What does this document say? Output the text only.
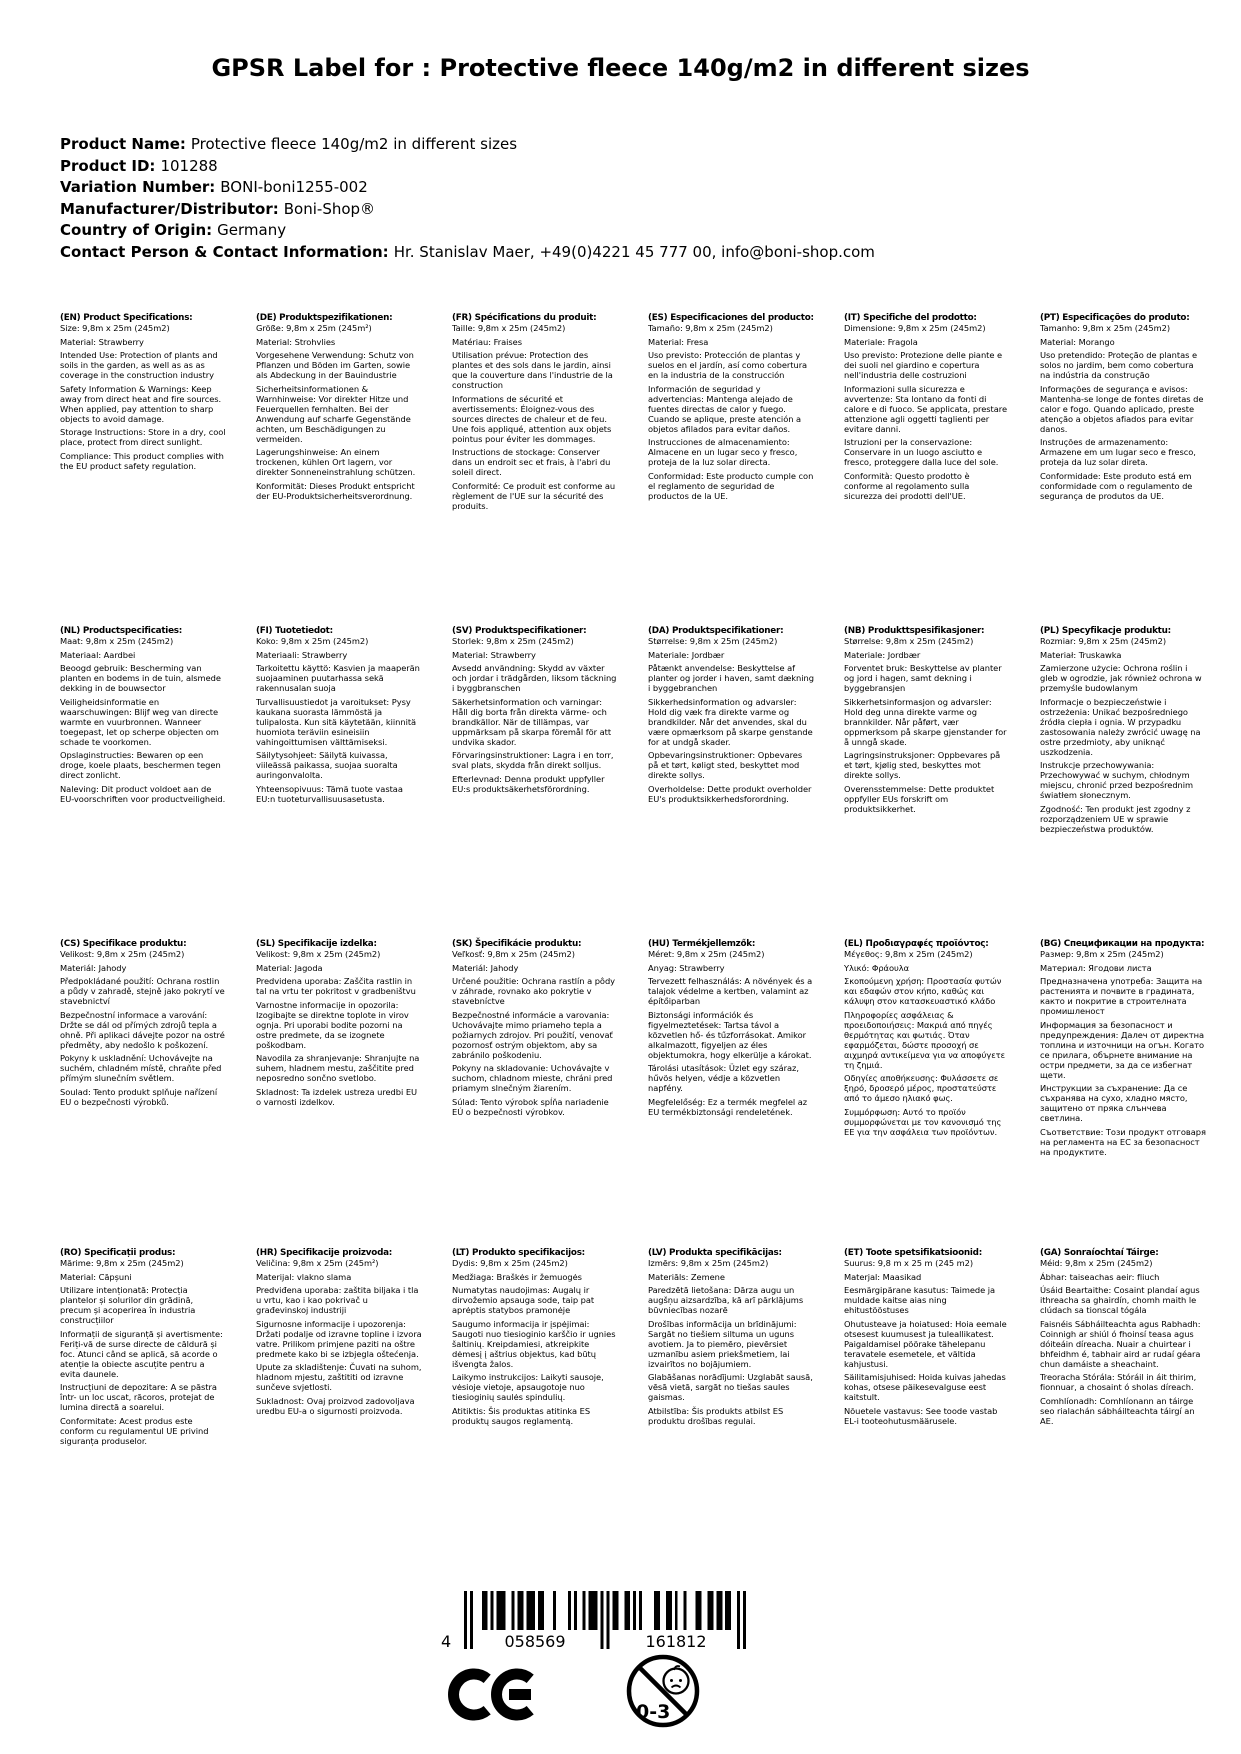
GPSR Label for : Protective fleece 140g/m2 in different sizes
Product Name: Protective fleece 140g/m2 in different sizes
Product ID: 101288
Variation Number: BONI-boni1255-002
Manufacturer/Distributor: Boni-Shop®
Country of Origin: Germany
Contact Person & Contact Information: Hr. Stanislav Maer, +49(0)4221 45 777 00, info@boni-shop.com
(EN) Product Specifications:

Size: 9,8m x 25m (245m2)

Material: Strawberry

Intended Use: Protection of plants and soils in the garden, as well as as as coverage in the construction industry

Safety Information & Warnings: Keep away from direct heat and fire sources. When applied, pay attention to sharp objects to avoid damage.

Storage Instructions: Store in a dry, cool place, protect from direct sunlight.

Compliance: This product complies with the EU product safety regulation.

(DE) Produktspezifikationen:

Größe: 9,8m x 25m (245m²)

Material: Strohvlies

Vorgesehene Verwendung: Schutz von Pflanzen und Böden im Garten, sowie als Abdeckung in der Bauindustrie

Sicherheitsinformationen & Warnhinweise: Vor direkter Hitze und Feuerquellen fernhalten. Bei der Anwendung auf scharfe Gegenstände achten, um Beschädigungen zu vermeiden.

Lagerungshinweise: An einem trockenen, kühlen Ort lagern, vor direkter Sonneneinstrahlung schützen.

Konformität: Dieses Produkt entspricht der EU-Produktsicherheitsverordnung.

(FR) Spécifications du produit:

Taille: 9,8m x 25m (245m2)

Matériau: Fraises

Utilisation prévue: Protection des plantes et des sols dans le jardin, ainsi que la couverture dans l'industrie de la construction

Informations de sécurité et avertissements: Éloignez-vous des sources directes de chaleur et de feu. Une fois appliqué, attention aux objets pointus pour éviter les dommages.

Instructions de stockage: Conserver dans un endroit sec et frais, à l'abri du soleil direct.

Conformité: Ce produit est conforme au règlement de l'UE sur la sécurité des produits.

(ES) Especificaciones del producto:

Tamaño: 9,8m x 25m (245m2)

Material: Fresa

Uso previsto: Protección de plantas y suelos en el jardín, así como cobertura en la industria de la construcción

Información de seguridad y advertencias: Mantenga alejado de fuentes directas de calor y fuego. Cuando se aplique, preste atención a objetos afilados para evitar daños.

Instrucciones de almacenamiento: Almacene en un lugar seco y fresco, proteja de la luz solar directa.

Conformidad: Este producto cumple con el reglamento de seguridad de productos de la UE.

(IT) Specifiche del prodotto:

Dimensione: 9,8m x 25m (245m2)

Materiale: Fragola

Uso previsto: Protezione delle piante e dei suoli nel giardino e copertura nell'industria delle costruzioni

Informazioni sulla sicurezza e avvertenze: Sta lontano da fonti di calore e di fuoco. Se applicata, prestare attenzione agli oggetti taglienti per evitare danni.

Istruzioni per la conservazione: Conservare in un luogo asciutto e fresco, proteggere dalla luce del sole.

Conformità: Questo prodotto è conforme al regolamento sulla sicurezza dei prodotti dell'UE.

(PT) Especificações do produto:

Tamanho: 9,8m x 25m (245m2)

Material: Morango

Uso pretendido: Proteção de plantas e solos no jardim, bem como cobertura na indústria da construção

Informações de segurança e avisos: Mantenha-se longe de fontes diretas de calor e fogo. Quando aplicado, preste atenção a objetos afiados para evitar danos.

Instruções de armazenamento: Armazene em um lugar seco e fresco, proteja da luz solar direta.

Conformidade: Este produto está em conformidade com o regulamento de segurança de produtos da UE.

(NL) Productspecificaties:

Maat: 9,8m x 25m (245m2)

Materiaal: Aardbei

Beoogd gebruik: Bescherming van planten en bodems in de tuin, alsmede dekking in de bouwsector

Veiligheidsinformatie en waarschuwingen: Blijf weg van directe warmte en vuurbronnen. Wanneer toegepast, let op scherpe objecten om schade te voorkomen.

Opslaginstructies: Bewaren op een droge, koele plaats, beschermen tegen direct zonlicht.

Naleving: Dit product voldoet aan de EU-voorschriften voor productveiligheid.

(FI) Tuotetiedot:

Koko: 9,8m x 25m (245m2)

Materiaali: Strawberry

Tarkoitettu käyttö: Kasvien ja maaperän suojaaminen puutarhassa sekä rakennusalan suoja

Turvallisuustiedot ja varoitukset: Pysy kaukana suorasta lämmöstä ja tulipalosta. Kun sitä käytetään, kiinnitä huomiota teräviin esineisiin vahingoittumisen välttämiseksi.

Säilytysohjeet: Säilytä kuivassa, viileässä paikassa, suojaa suoralta auringonvalolta.

Yhteensopivuus: Tämä tuote vastaa EU:n tuoteturvallisuusasetusta.

(SV) Produktspecifikationer:

Storlek: 9,8m x 25m (245m2)

Material: Strawberry

Avsedd användning: Skydd av växter och jordar i trädgården, liksom täckning i byggbranschen

Säkerhetsinformation och varningar: Håll dig borta från direkta värme- och brandkällor. När de tillämpas, var uppmärksam på skarpa föremål för att undvika skador.

Förvaringsinstruktioner: Lagra i en torr, sval plats, skydda från direkt solljus.

Efterlevnad: Denna produkt uppfyller EU:s produktsäkerhetsförordning.

(DA) Produktspecifikationer:

Størrelse: 9,8m x 25m (245m2)

Materiale: Jordbær

Påtænkt anvendelse: Beskyttelse af planter og jorder i haven, samt dækning i byggebranchen

Sikkerhedsinformation og advarsler: Hold dig væk fra direkte varme og brandkilder. Når det anvendes, skal du være opmærksom på skarpe genstande for at undgå skader.

Opbevaringsinstruktioner: Opbevares på et tørt, køligt sted, beskyttet mod direkte sollys.

Overholdelse: Dette produkt overholder EU's produktsikkerhedsforordning.

(NB) Produkttspesifikasjoner:

Størrelse: 9,8m x 25m (245m2)

Materiale: Jordbær

Forventet bruk: Beskyttelse av planter og jord i hagen, samt dekning i byggebransjen

Sikkerhetsinformasjon og advarsler: Hold deg unna direkte varme og brannkilder. Når påført, vær oppmerksom på skarpe gjenstander for å unngå skade.

Lagringsinstruksjoner: Oppbevares på et tørt, kjølig sted, beskyttes mot direkte sollys.

Overensstemmelse: Dette produktet oppfyller EUs forskrift om produktsikkerhet.

(PL) Specyfikacje produktu:

Rozmiar: 9,8m x 25m (245m2)

Materiał: Truskawka

Zamierzone użycie: Ochrona roślin i gleb w ogrodzie, jak również ochrona w przemyśle budowlanym

Informacje o bezpieczeństwie i ostrzeżenia: Unikać bezpośredniego źródła ciepła i ognia. W przypadku zastosowania należy zwrócić uwagę na ostre przedmioty, aby uniknąć uszkodzenia.

Instrukcje przechowywania: Przechowywać w suchym, chłodnym miejscu, chronić przed bezpośrednim światłem słonecznym.

Zgodność: Ten produkt jest zgodny z rozporządzeniem UE w sprawie bezpieczeństwa produktów.

(CS) Specifikace produktu:

Velikost: 9,8m x 25m (245m2)

Materiál: Jahody

Předpokládané použití: Ochrana rostlin a půdy v zahradě, stejně jako pokrytí ve stavebnictví

Bezpečnostní informace a varování: Držte se dál od přímých zdrojů tepla a ohně. Při aplikaci dávejte pozor na ostré předměty, aby nedošlo k poškození.

Pokyny k uskladnění: Uchovávejte na suchém, chladném místě, chraňte před přímým slunečním světlem.

Soulad: Tento produkt splňuje nařízení EU o bezpečnosti výrobků.

(SL) Specifikacije izdelka:

Velikost: 9,8m x 25m (245m2)

Material: Jagoda

Predvidena uporaba: Zaščita rastlin in tal na vrtu ter pokritost v gradbeništvu

Varnostne informacije in opozorila: Izogibajte se direktne toplote in virov ognja. Pri uporabi bodite pozorni na ostre predmete, da se izognete poškodbam.

Navodila za shranjevanje: Shranjujte na suhem, hladnem mestu, zaščitite pred neposredno sončno svetlobo.

Skladnost: Ta izdelek ustreza uredbi EU o varnosti izdelkov.

(SK) Špecifikácie produktu:

Veľkosť: 9,8m x 25m (245m2)

Materiál: Jahody

Určené použitie: Ochrana rastlín a pôdy v záhrade, rovnako ako pokrytie v stavebníctve

Bezpečnostné informácie a varovania: Uchovávajte mimo priameho tepla a požiarnych zdrojov. Pri použití, venovať pozornosť ostrým objektom, aby sa zabránilo poškodeniu.

Pokyny na skladovanie: Uchovávajte v suchom, chladnom mieste, chráni pred priamym slnečným žiarením.

Súlad: Tento výrobok spĺňa nariadenie EÚ o bezpečnosti výrobkov.

(HU) Termékjellemzők:

Méret: 9,8m x 25m (245m2)

Anyag: Strawberry

Tervezett felhasználás: A növények és a talajok védelme a kertben, valamint az építőiparban

Biztonsági információk és figyelmeztetések: Tartsa távol a közvetlen hő- és tűzforrásokat. Amikor alkalmazott, figyeljen az éles objektumokra, hogy elkerülje a károkat.

Tárolási utasítások: Üzlet egy száraz, hűvös helyen, védje a közvetlen napfény.

Megfelelőség: Ez a termék megfelel az EU termékbiztonsági rendeletének.

(EL) Προδιαγραφές προϊόντος:

Μέγεθος: 9,8m x 25m (245m2)

Υλικό: Φράουλα

Σκοπούμενη χρήση: Προστασία φυτών και εδαφών στον κήπο, καθώς και κάλυψη στον κατασκευαστικό κλάδο

Πληροφορίες ασφάλειας & προειδοποιήσεις: Μακριά από πηγές θερμότητας και φωτιάς. Όταν εφαρμόζεται, δώστε προσοχή σε αιχμηρά αντικείμενα για να αποφύγετε τη ζημιά.

Οδηγίες αποθήκευσης: Φυλάσσετε σε ξηρό, δροσερό μέρος, προστατεύστε από το άμεσο ηλιακό φως.

Συμμόρφωση: Αυτό το προϊόν συμμορφώνεται με τον κανονισμό της ΕΕ για την ασφάλεια των προϊόντων.

(BG) Спецификации на продукта:

Размер: 9,8m x 25m (245m2)

Материал: Ягодови листа

Предназначена употреба: Защита на растенията и почвите в градината, както и покритие в строителната промишленост

Информация за безопасност и предупреждения: Далеч от директна топлина и източници на огън. Когато се прилага, обърнете внимание на остри предмети, за да се избегнат щети.

Инструкции за съхранение: Да се съхранява на сухо, хладно място, защитено от пряка слънчева светлина.

Съответствие: Този продукт отговаря на регламента на ЕС за безопасност на продуктите.

(RO) Specificații produs:

Mărime: 9,8m x 25m (245m2)

Material: Căpșuni

Utilizare intenționată: Protecția plantelor și solurilor din grădină, precum și acoperirea în industria construcțiilor

Informații de siguranță și avertismente: Feriți-vă de surse directe de căldură și foc. Atunci când se aplică, să acorde o atenție la obiecte ascuțite pentru a evita daunele.

Instrucțiuni de depozitare: A se păstra într- un loc uscat, răcoros, protejat de lumina directă a soarelui.

Conformitate: Acest produs este conform cu regulamentul UE privind siguranța produselor.

(HR) Specifikacije proizvoda:

Veličina: 9,8m x 25m (245m²)

Materijal: vlakno slama

Predviđena uporaba: zaštita biljaka i tla u vrtu, kao i kao pokrivač u građevinskoj industriji

Sigurnosne informacije i upozorenja: Držati podalje od izravne topline i izvora vatre. Prilikom primjene paziti na oštre predmete kako bi se izbjegla oštećenja.

Upute za skladištenje: Čuvati na suhom, hladnom mjestu, zaštititi od izravne sunčeve svjetlosti.

Sukladnost: Ovaj proizvod zadovoljava uredbu EU-a o sigurnosti proizvoda.

(LT) Produkto specifikacijos:

Dydis: 9,8m x 25m (245m2)

Medžiaga: Braškės ir žemuogės

Numatytas naudojimas: Augalų ir dirvožemio apsauga sode, taip pat aprėptis statybos pramonėje

Saugumo informacija ir įspėjimai: Saugoti nuo tiesioginio karščio ir ugnies šaltinių. Kreipdamiesi, atkreipkite dėmesį į aštrius objektus, kad būtų išvengta žalos.

Laikymo instrukcijos: Laikyti sausoje, vėsioje vietoje, apsaugotoje nuo tiesioginių saulės spindulių.

Atitiktis: Šis produktas atitinka ES produktų saugos reglamentą.

(LV) Produkta specifikācijas:

Izmērs: 9,8m x 25m (245m2)

Materiāls: Zemene

Paredzētā lietošana: Dārza augu un augšņu aizsardzība, kā arī pārklājums būvniecības nozarē

Drošības informācija un brīdinājumi: Sargāt no tiešiem siltuma un uguns avotiem. Ja to piemēro, pievērsiet uzmanību asiem priekšmetiem, lai izvairītos no bojājumiem.

Glabāšanas norādījumi: Uzglabāt sausā, vēsā vietā, sargāt no tiešas saules gaismas.

Atbilstība: Šis produkts atbilst ES produktu drošības regulai.

(ET) Toote spetsifikatsioonid:

Suurus: 9,8 m x 25 m (245 m2)

Materjal: Maasikad

Eesmärgipärane kasutus: Taimede ja muldade kaitse aias ning ehitustööstuses

Ohutusteave ja hoiatused: Hoia eemale otsesest kuumusest ja tuleallikatest. Paigaldamisel pöörake tähelepanu teravatele esemetele, et vältida kahjustusi.

Säilitamisjuhised: Hoida kuivas jahedas kohas, otsese päikesevalguse eest kaitstult.

Nõuetele vastavus: See toode vastab EL-i tooteohutusmäärusele.

(GA) Sonraíochtaí Táirge:

Méid: 9,8m x 25m (245m2)

Ábhar: taiseachas aeir: fliuch

Úsáid Beartaithe: Cosaint plandaí agus ithreacha sa ghairdín, chomh maith le clúdach sa tionscal tógála

Faisnéis Sábháilteachta agus Rabhadh: Coinnigh ar shiúl ó fhoinsí teasa agus dóiteáin díreacha. Nuair a chuirtear i bhfeidhm é, tabhair aird ar rudaí géara chun damáiste a sheachaint.

Treoracha Stórála: Stóráil in áit thirim, fionnuar, a chosaint ó sholas díreach.

Comhlíonadh: Comhlíonann an táirge seo rialachán sábháilteachta táirgí an AE.

4	058569	161812
0-3
